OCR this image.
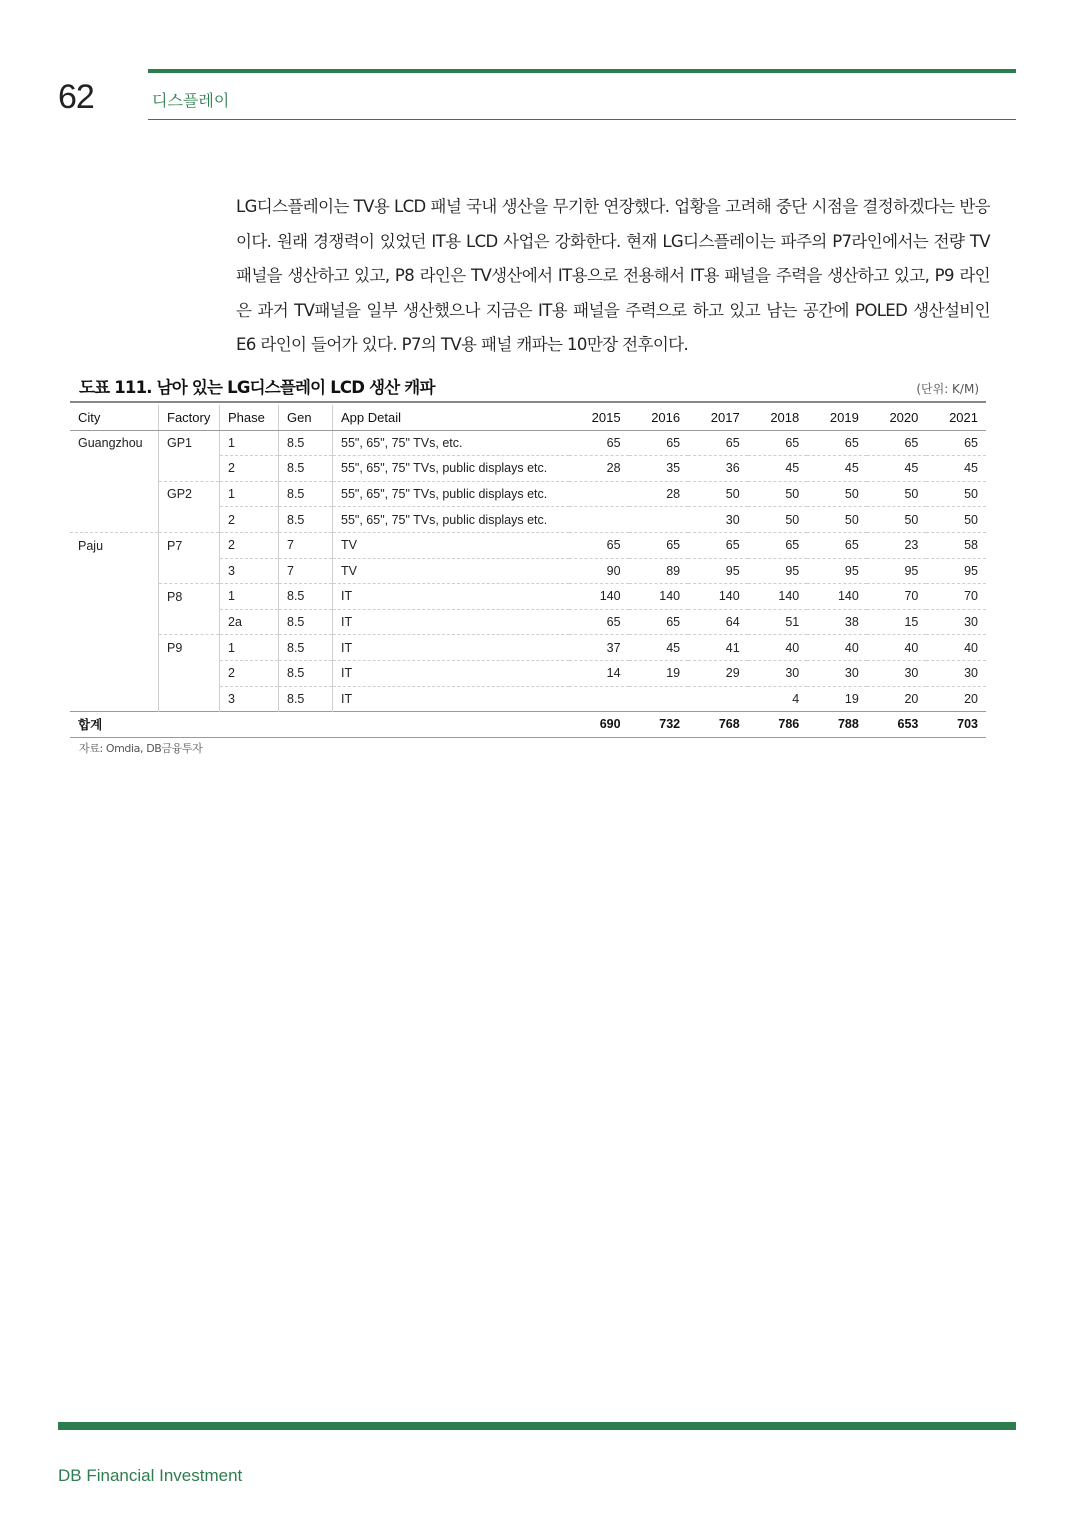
62	디스플레이
LG디스플레이는 TV용 LCD 패널 국내 생산을 무기한 연장했다. 업황을 고려해 중단 시점을 결정하겠다는 반응이다. 원래 경쟁력이 있었던 IT용 LCD 사업은 강화한다. 현재 LG디스플레이는 파주의 P7라인에서는 전량 TV패널을 생산하고 있고, P8 라인은 TV생산에서 IT용으로 전용해서 IT용 패널을 주력을 생산하고 있고, P9 라인은 과거 TV패널을 일부 생산했으나 지금은 IT용 패널을 주력으로 하고 있고 남는 공간에 POLED 생산설비인 E6 라인이 들어가 있다. P7의 TV용 패널 캐파는 10만장 전후이다.
도표 111. 남아 있는 LG디스플레이 LCD 생산 캐파	(단위: K/M)
City	Factory	Phase	Gen	App Detail	2015	2016	2017	2018	2019	2020	2021
Guangzhou	GP1	1	8.5	55", 65", 75" TVs, etc.	65	65	65	65	65	65	65
		2	8.5	55", 65", 75" TVs, public displays etc.	28	35	36	45	45	45	45
	GP2	1	8.5	55", 65", 75" TVs, public displays etc.		28	50	50	50	50	50
		2	8.5	55", 65", 75" TVs, public displays etc.			30	50	50	50	50
Paju	P7	2	7	TV	65	65	65	65	65	23	58
		3	7	TV	90	89	95	95	95	95	95
	P8	1	8.5	IT	140	140	140	140	140	70	70
		2a	8.5	IT	65	65	64	51	38	15	30
	P9	1	8.5	IT	37	45	41	40	40	40	40
		2	8.5	IT	14	19	29	30	30	30	30
		3	8.5	IT				4	19	20	20
합계					690	732	768	786	788	653	703
자료: Omdia, DB금융투자
DB Financial Investment
